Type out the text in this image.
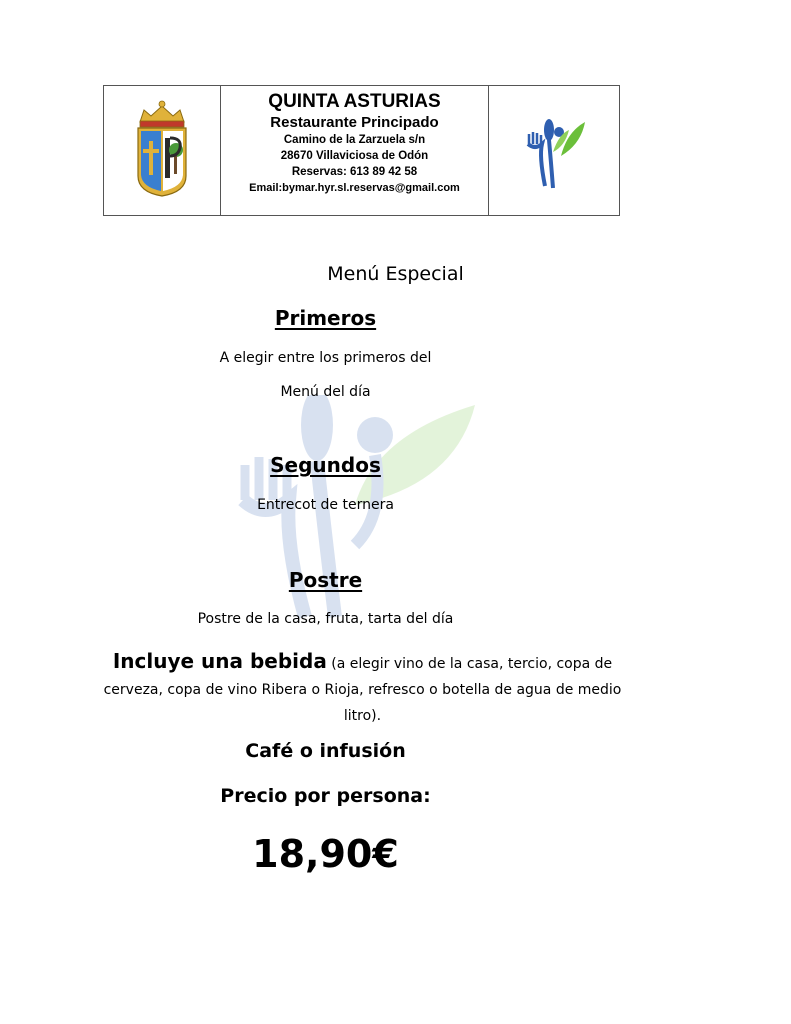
QUINTA ASTURIAS
Restaurante Principado
Camino de la Zarzuela s/n
28670 Villaviciosa de Odón
Reservas: 613 89 42 58
Email:bymar.hyr.sl.reservas@gmail.com
Menú Especial
Primeros
A elegir entre los primeros del
Menú del día
Segundos
Entrecot de ternera
Postre
Postre de la casa, fruta, tarta del día
Incluye una bebida (a elegir vino de la casa, tercio, copa de cerveza, copa de vino Ribera o Rioja, refresco o botella de agua de medio litro).
Café o infusión
Precio por persona:
18,90€
